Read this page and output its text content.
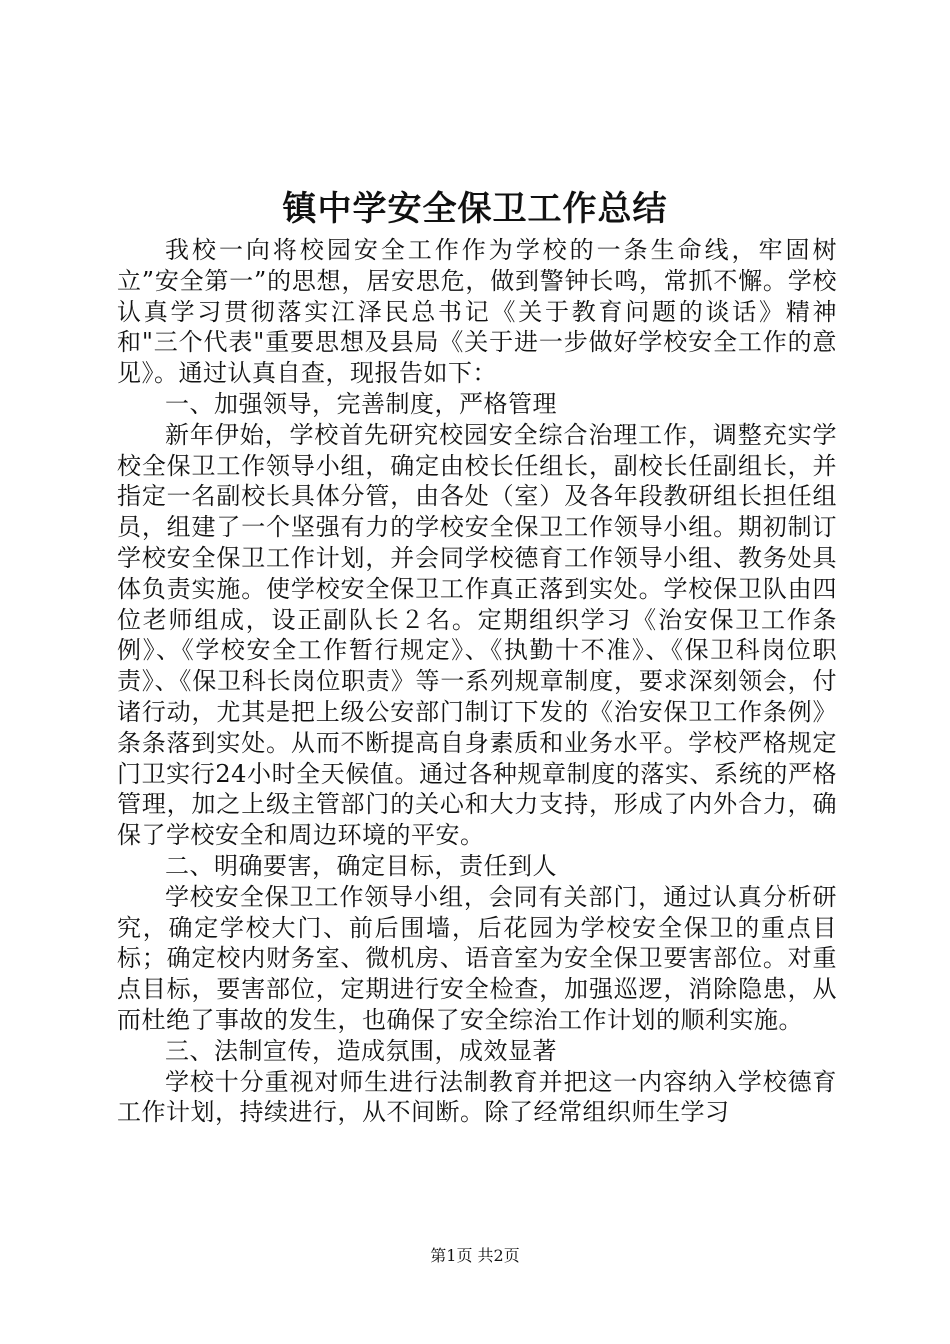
镇中学安全保卫工作总结

我校一向将校园安全工作作为学校的一条生命线，牢固树立”安全第一”的思想，居安思危，做到警钟长鸣，常抓不懈。学校认真学习贯彻落实江泽民总书记《关于教育问题的谈话》精神和"三个代表"重要思想及县局《关于进一步做好学校安全工作的意见》。通过认真自查，现报告如下：

一、加强领导，完善制度，严格管理

新年伊始，学校首先研究校园安全综合治理工作，调整充实学校全保卫工作领导小组，确定由校长任组长，副校长任副组长，并指定一名副校长具体分管，由各处（室）及各年段教研组长担任组员，组建了一个坚强有力的学校安全保卫工作领导小组。期初制订学校安全保卫工作计划，并会同学校德育工作领导小组、教务处具体负责实施。使学校安全保卫工作真正落到实处。学校保卫队由四位老师组成，设正副队长２名。定期组织学习《治安保卫工作条例》、《学校安全工作暂行规定》、《执勤十不准》、《保卫科岗位职责》、《保卫科长岗位职责》等一系列规章制度，要求深刻领会，付诸行动，尤其是把上级公安部门制订下发的《治安保卫工作条例》条条落到实处。从而不断提高自身素质和业务水平。学校严格规定门卫实行24小时全天候值。通过各种规章制度的落实、系统的严格管理，加之上级主管部门的关心和大力支持，形成了内外合力，确保了学校安全和周边环境的平安。

二、明确要害，确定目标，责任到人

学校安全保卫工作领导小组，会同有关部门，通过认真分析研究，确定学校大门、前后围墙，后花园为学校安全保卫的重点目标；确定校内财务室、微机房、语音室为安全保卫要害部位。对重点目标，要害部位，定期进行安全检查，加强巡逻，消除隐患，从而杜绝了事故的发生，也确保了安全综治工作计划的顺利实施。

三、法制宣传，造成氛围，成效显著

学校十分重视对师生进行法制教育并把这一内容纳入学校德育工作计划，持续进行，从不间断。除了经常组织师生学习

第1页 共2页
